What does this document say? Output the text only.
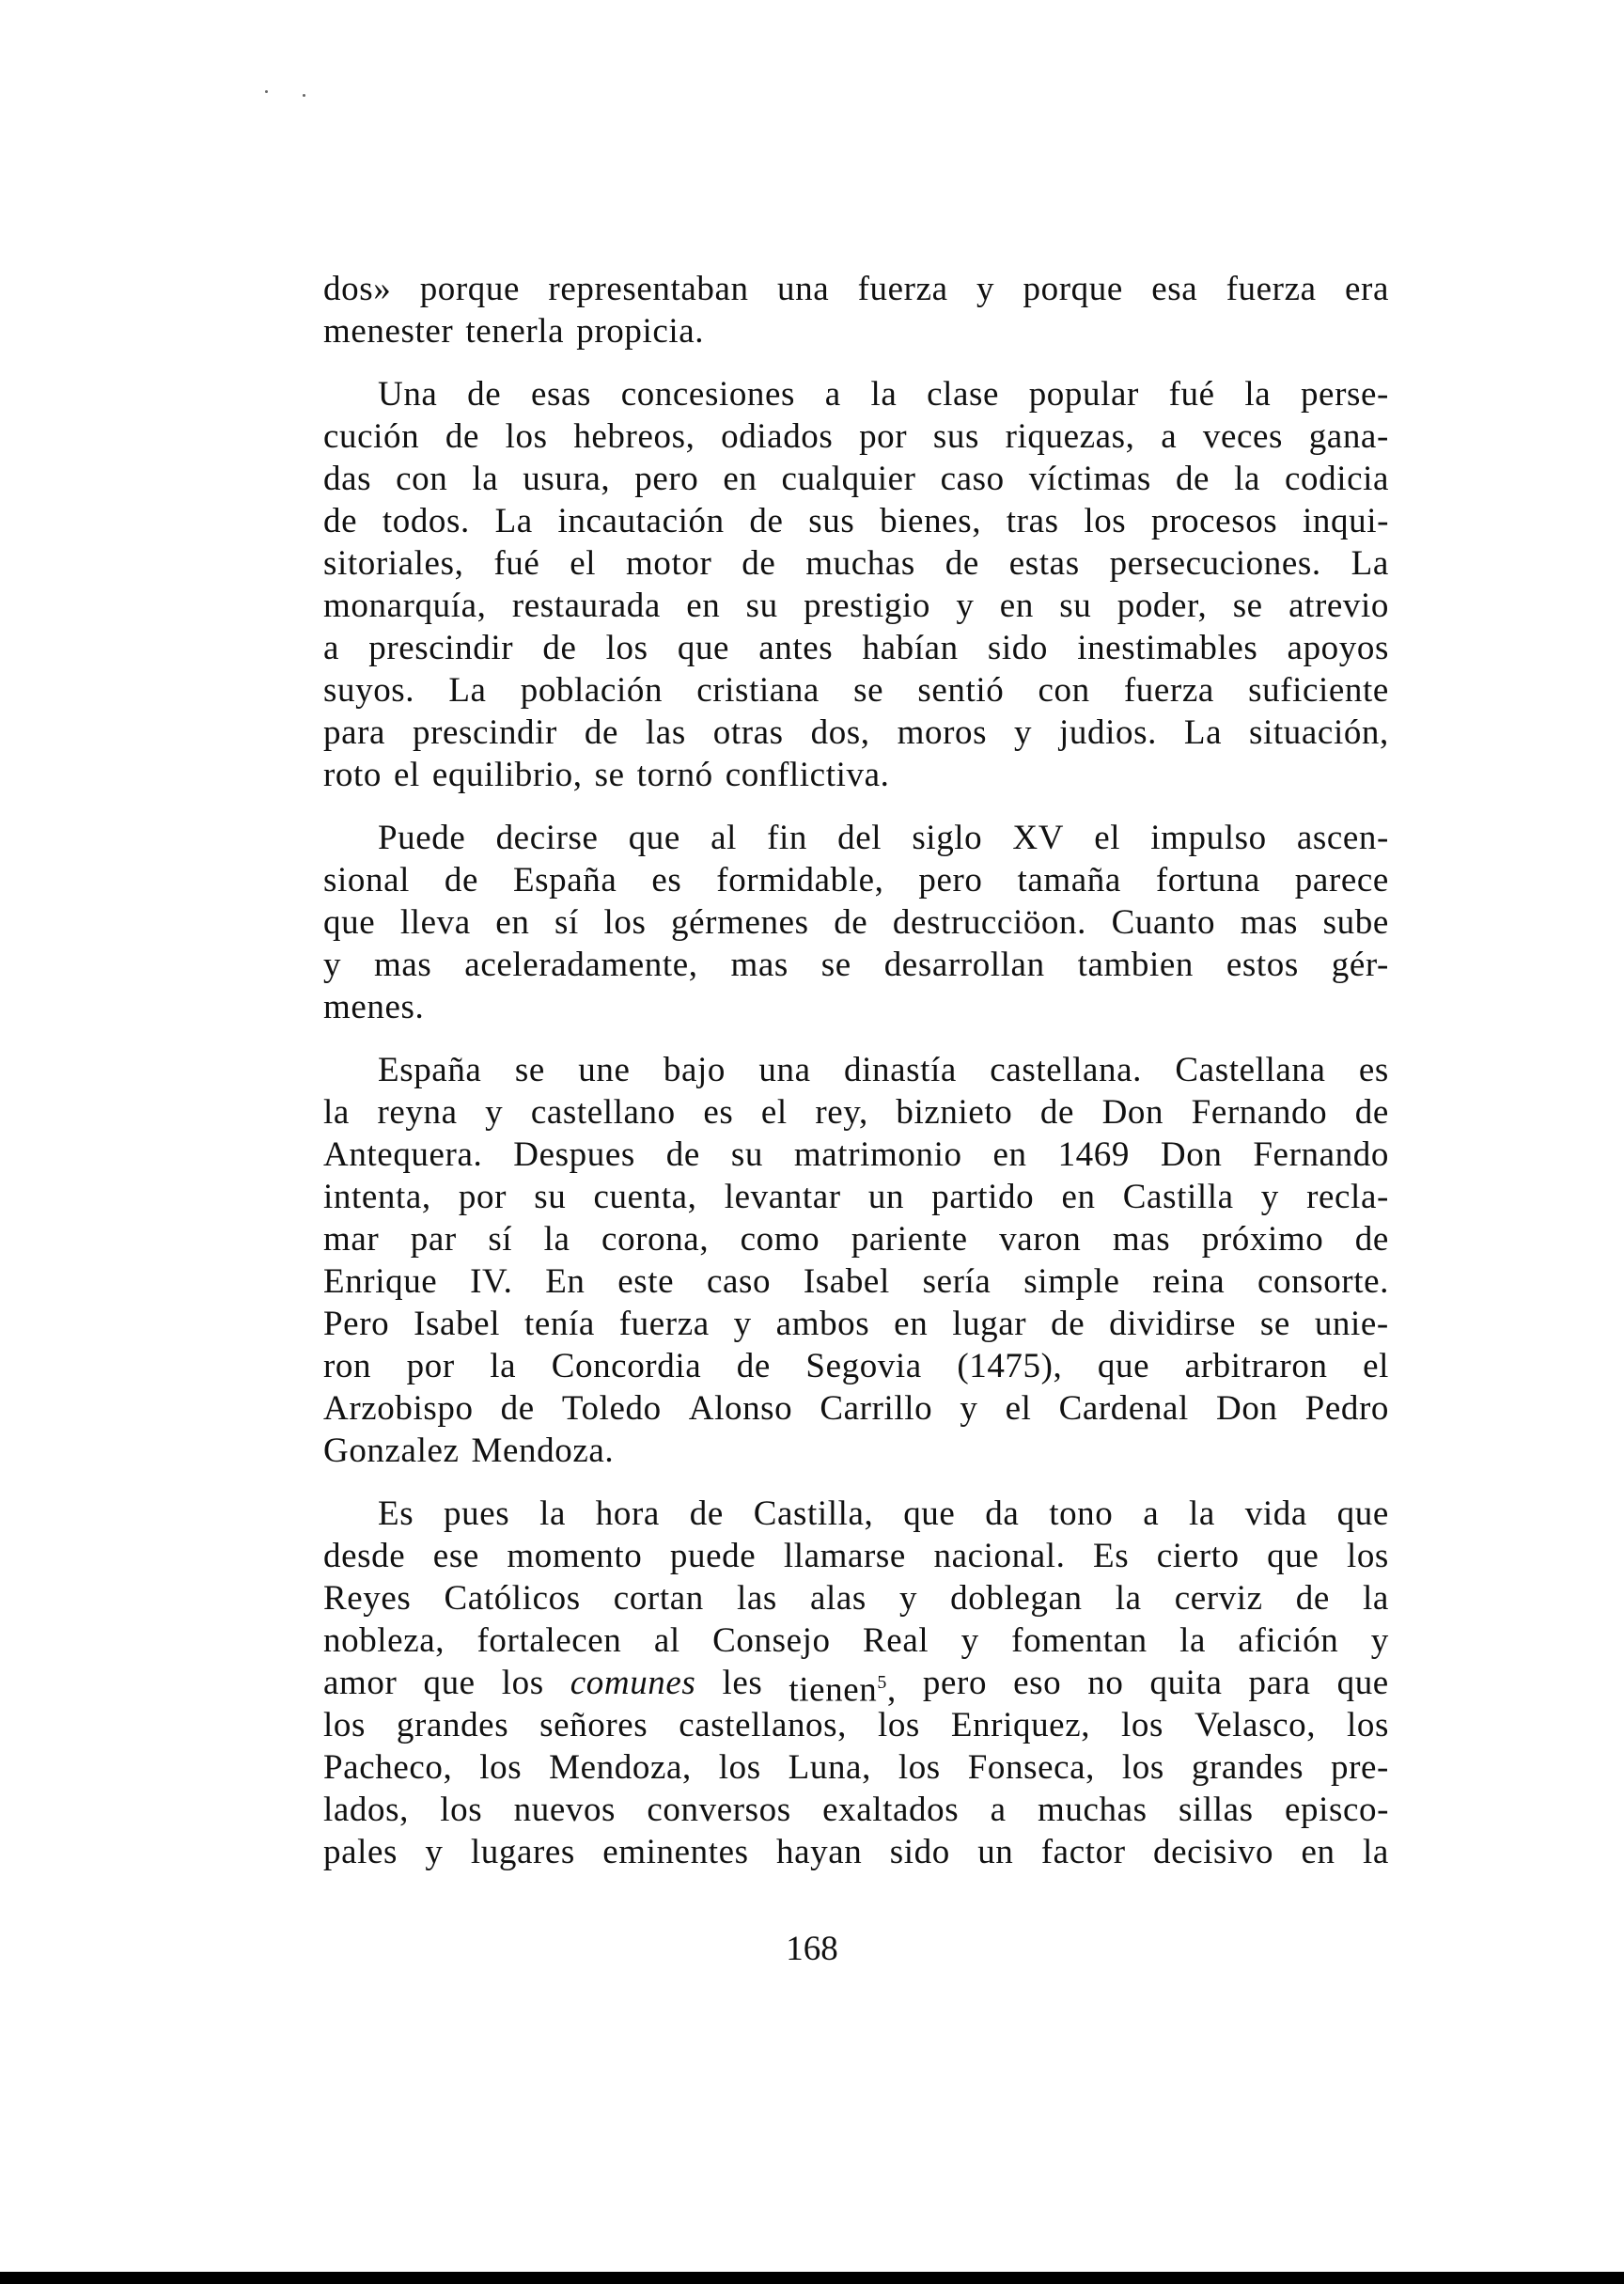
dos» porque representaban una fuerza y porque esa fuerza era
menester tenerla propicia.
Una de esas concesiones a la clase popular fué la perse-
cución de los hebreos, odiados por sus riquezas, a veces gana-
das con la usura, pero en cualquier caso víctimas de la codicia
de todos. La incautación de sus bienes, tras los procesos inqui-
sitoriales, fué el motor de muchas de estas persecuciones. La
monarquía, restaurada en su prestigio y en su poder, se atrevio
a prescindir de los que antes habían sido inestimables apoyos
suyos. La población cristiana se sentió con fuerza suficiente
para prescindir de las otras dos, moros y judios. La situación,
roto el equilibrio, se tornó conflictiva.
Puede decirse que al fin del siglo XV el impulso ascen-
sional de España es formidable, pero tamaña fortuna parece
que lleva en sí los gérmenes de destrucciöon. Cuanto mas sube
y mas aceleradamente, mas se desarrollan tambien estos gér-
menes.
España se une bajo una dinastía castellana. Castellana es
la reyna y castellano es el rey, biznieto de Don Fernando de
Antequera. Despues de su matrimonio en 1469 Don Fernando
intenta, por su cuenta, levantar un partido en Castilla y recla-
mar par sí la corona, como pariente varon mas próximo de
Enrique IV. En este caso Isabel sería simple reina consorte.
Pero Isabel tenía fuerza y ambos en lugar de dividirse se unie-
ron por la Concordia de Segovia (1475), que arbitraron el
Arzobispo de Toledo Alonso Carrillo y el Cardenal Don Pedro
Gonzalez Mendoza.
Es pues la hora de Castilla, que da tono a la vida que
desde ese momento puede llamarse nacional. Es cierto que los
Reyes Católicos cortan las alas y doblegan la cerviz de la
nobleza, fortalecen al Consejo Real y fomentan la afición y
amor que los comunes les tienen$^5$, pero eso no quita para que
los grandes señores castellanos, los Enriquez, los Velasco, los
Pacheco, los Mendoza, los Luna, los Fonseca, los grandes pre-
lados, los nuevos conversos exaltados a muchas sillas episco-
pales y lugares eminentes hayan sido un factor decisivo en la
168
